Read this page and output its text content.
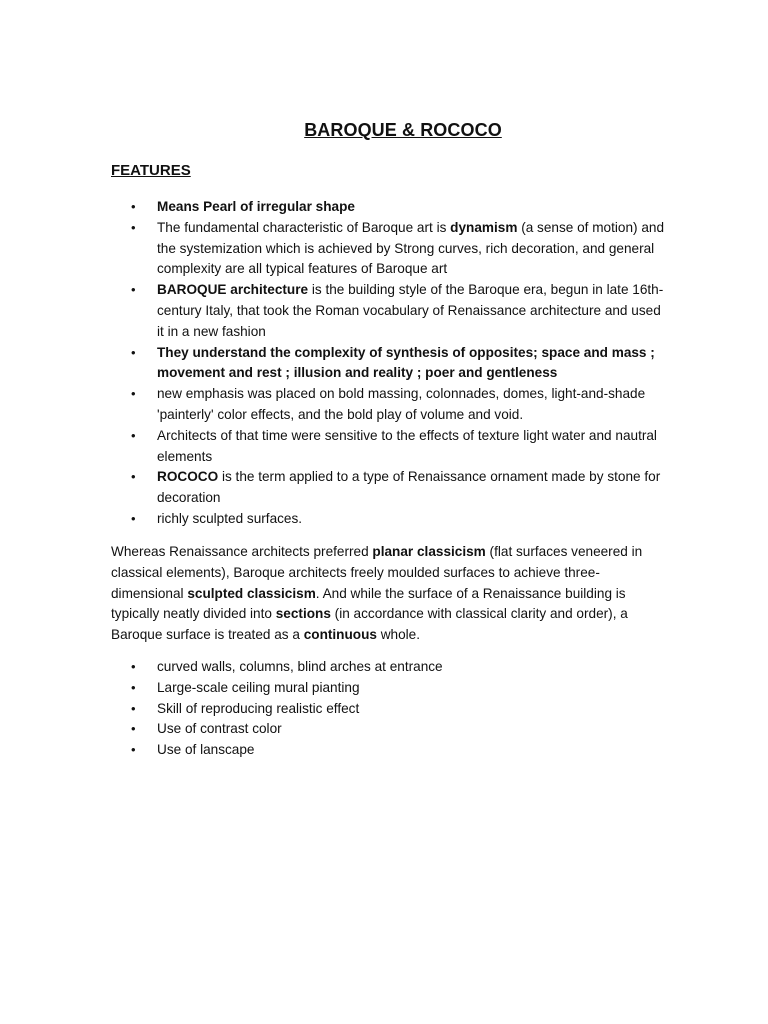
BAROQUE & ROCOCO
FEATURES
• Means Pearl of irregular shape
• The fundamental characteristic of Baroque art is dynamism (a sense of motion) and the systemization which is achieved by Strong curves, rich decoration, and general complexity are all typical features of Baroque art
• BAROQUE architecture is the building style of the Baroque era, begun in late 16th-century Italy, that took the Roman vocabulary of Renaissance architecture and used it in a new fashion
• They understand the complexity of synthesis of opposites; space and mass ; movement and rest ; illusion and reality ; poer and gentleness
• new emphasis was placed on bold massing, colonnades, domes, light-and-shade 'painterly' color effects, and the bold play of volume and void.
• Architects of that time were sensitive to the effects of texture light water and nautral elements
• ROCOCO is the term applied to a type of Renaissance ornament made by stone for decoration
• richly sculpted surfaces.

Whereas Renaissance architects preferred planar classicism (flat surfaces veneered in classical elements), Baroque architects freely moulded surfaces to achieve three-dimensional sculpted classicism. And while the surface of a Renaissance building is typically neatly divided into sections (in accordance with classical clarity and order), a Baroque surface is treated as a continuous whole.

• curved walls, columns, blind arches at entrance
• Large-scale ceiling mural pianting
• Skill of reproducing realistic effect
• Use of contrast color
• Use of lanscape
